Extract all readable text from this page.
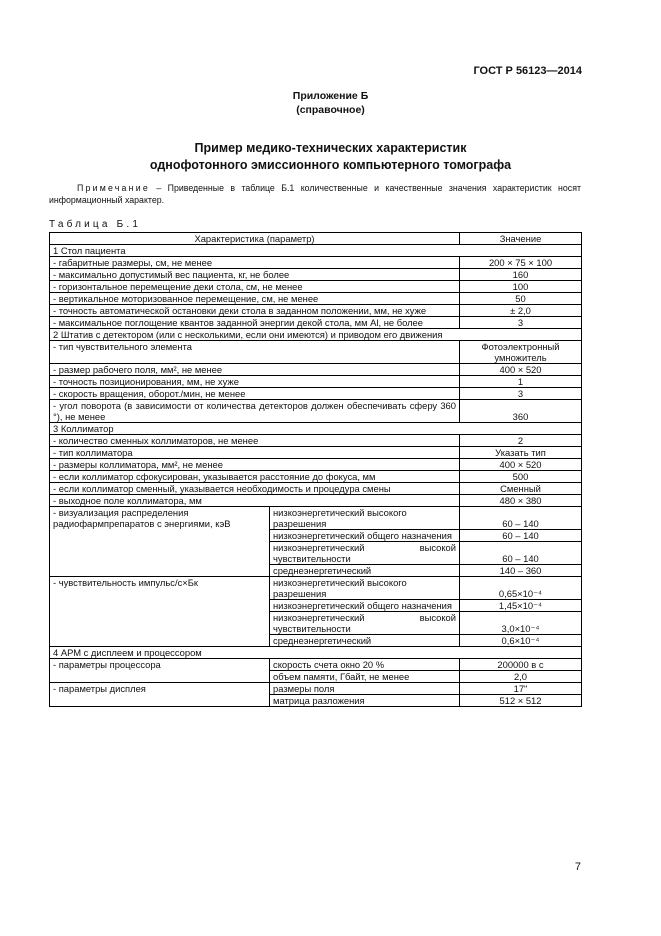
ГОСТ Р 56123—2014
Приложение Б
(справочное)
Пример медико-технических характеристик
однофотонного эмиссионного компьютерного томографа
Примечание – Приведенные в таблице Б.1 количественные и качественные значения характеристик носят информационный характер.
Таблица Б.1
Характеристика (параметр)		Значение
1 Стол пациента		
- габаритные размеры, см, не менее		200 × 75 × 100
- максимально допустимый вес пациента, кг, не более		160
- горизонтальное перемещение деки стола, см, не менее		100
- вертикальное моторизованное перемещение, см, не менее		50
- точность автоматической остановки деки стола в заданном положении, мм, не хуже		± 2,0
- максимальное поглощение квантов заданной энергии декой стола, мм Al, не более		3
2 Штатив с детектором (или с несколькими, если они имеются) и приводом его движения		
- тип чувствительного элемента		Фотоэлектронный умножитель
- размер рабочего поля, мм², не менее		400 × 520
- точность позиционирования, мм, не хуже		1
- скорость вращения, оборот./мин, не менее		3
- угол поворота (в зависимости от количества детекторов должен обеспечивать сферу 360 °), не менее		360
3 Коллиматор		
- количество сменных коллиматоров, не менее		2
- тип коллиматора		Указать тип
- размеры коллиматора, мм², не менее		400 × 520
- если коллиматор сфокусирован, указывается расстояние до фокуса, мм		500
- если коллиматор сменный, указывается необходимость и процедура смены		Сменный
- выходное поле коллиматора, мм		480 × 380
- визуализация распределения радиофармпрепаратов с энергиями, кэВ	низкоэнергетический высокого разрешения	60 – 140
	низкоэнергетический общего назначения	60 – 140
	низкоэнергетический высокой чувствительности	60 – 140
	среднеэнергетический	140 – 360
- чувствительность импульс/с×Бк	низкоэнергетический высокого разрешения	0,65×10⁻⁴
	низкоэнергетический общего назначения	1,45×10⁻⁴
	низкоэнергетический высокой чувствительности	3,0×10⁻⁴
	среднеэнергетический	0,6×10⁻⁴
4 АРМ с дисплеем и процессором		
- параметры процессора	скорость счета окно 20 %	200000 в с
	объем памяти, Гбайт, не менее	2,0
- параметры дисплея	размеры поля	17"
	матрица разложения	512 × 512
7
